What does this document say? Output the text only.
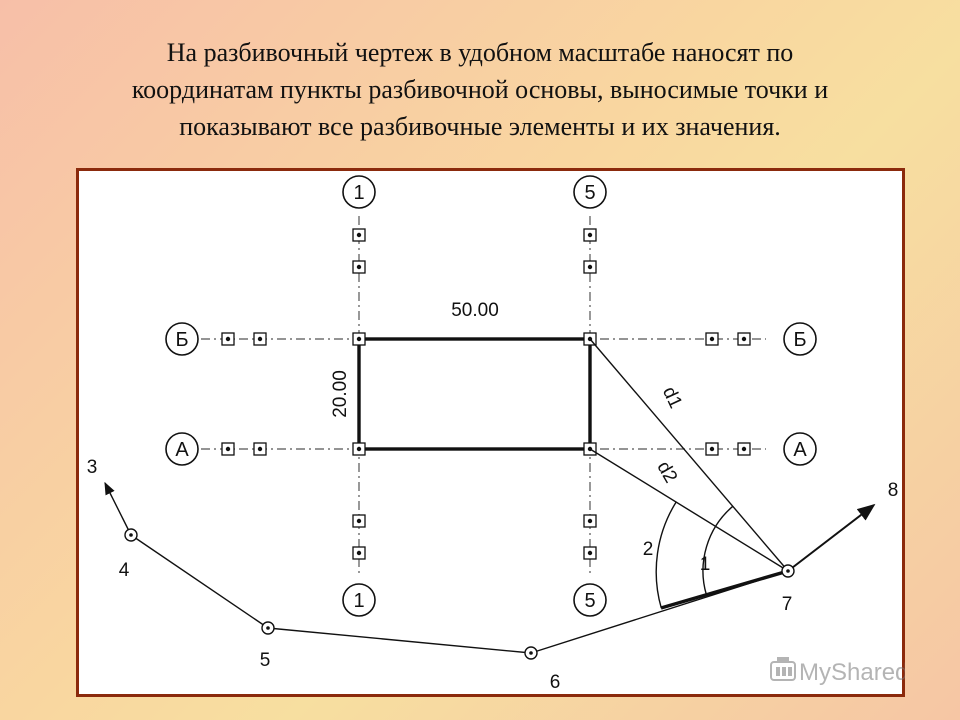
На разбивочный чертеж в удобном масштабе наносят по
координатам пункты разбивочной основы, выносимые точки и
показывают все разбивочные элементы и их значения.
1	5
1	5
Б	Б
А	А
50.00
20.00	d1
d2
2
1
3
4
5
6
7
8
MyShared
